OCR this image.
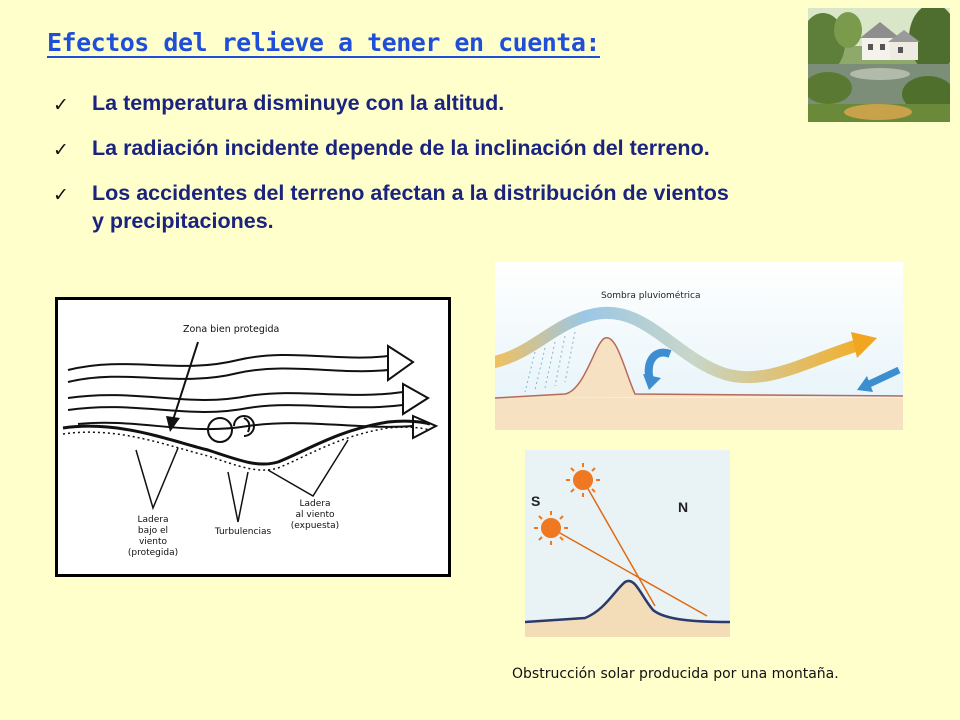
Efectos del relieve a tener en cuenta:
✓ La temperatura disminuye con la altitud.
✓ La radiación incidente depende de la inclinación del terreno.
✓ Los accidentes del terreno afectan a la distribución de vientos
y precipitaciones.
Zona bien protegida
Ladera
bajo el
viento
(protegida)
Turbulencias
Ladera
al viento
(expuesta)
Sombra pluviométrica
S	N
Obstrucción solar producida por una montaña.
